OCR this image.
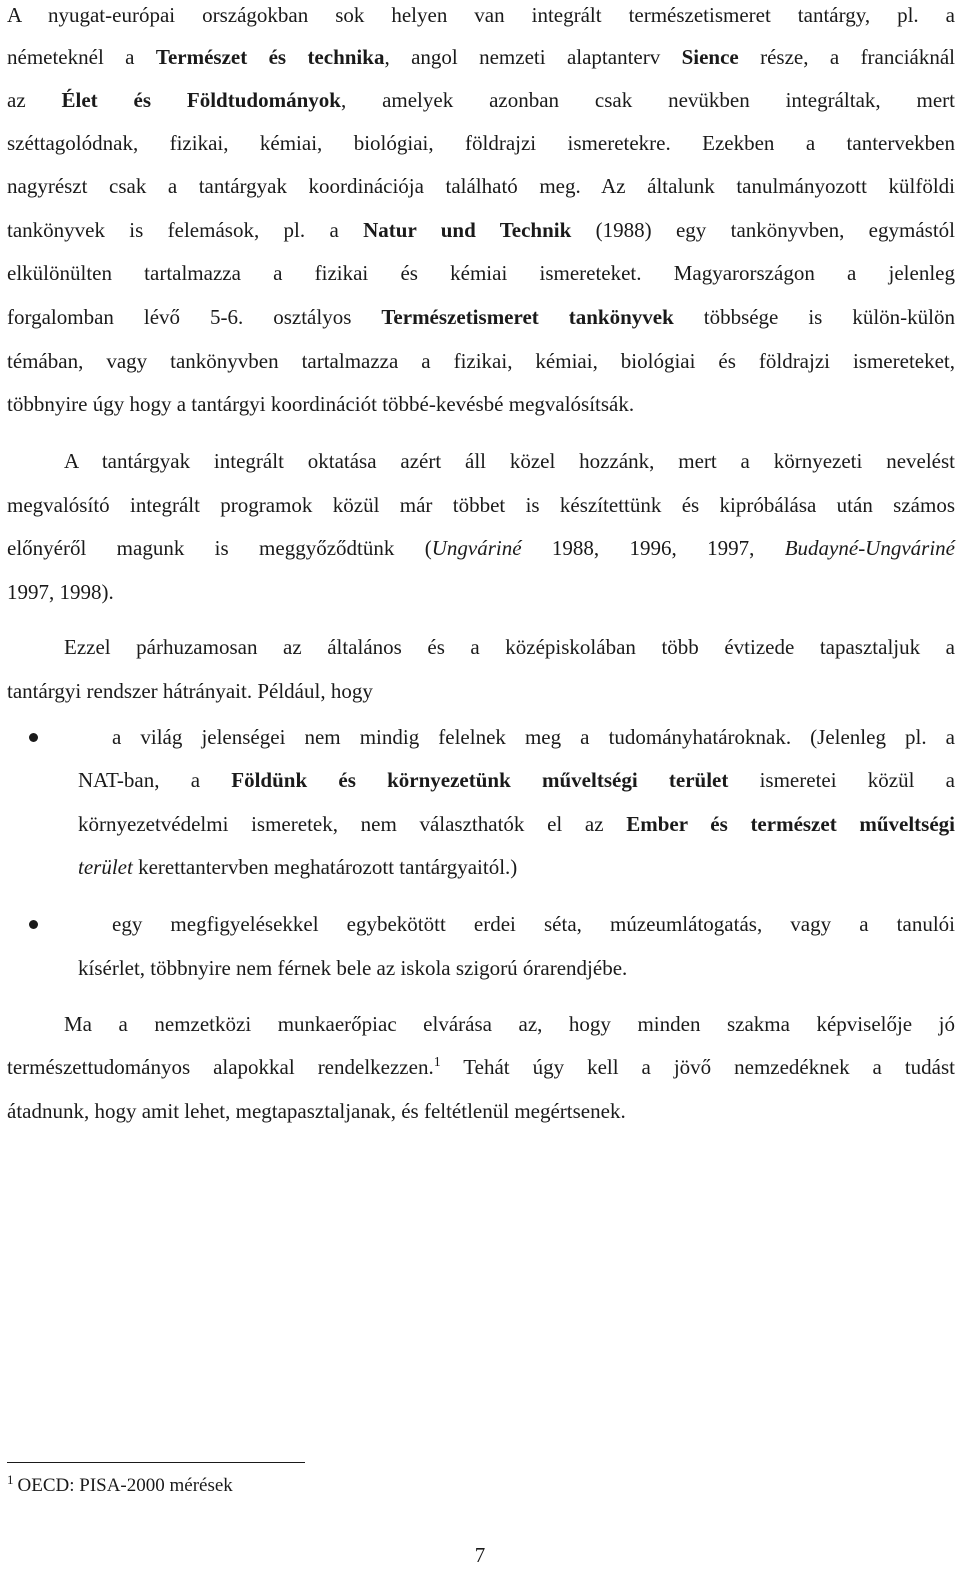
A nyugat-európai országokban sok helyen van integrált természetismeret tantárgy, pl. a
németeknél a Természet és technika, angol nemzeti alaptanterv Sience része, a franciáknál
az Élet és Földtudományok, amelyek azonban csak nevükben integráltak, mert
széttagolódnak, fizikai, kémiai, biológiai, földrajzi ismeretekre. Ezekben a tantervekben
nagyrészt csak a tantárgyak koordinációja található meg. Az általunk tanulmányozott külföldi
tankönyvek is felemások, pl. a Natur und Technik (1988) egy tankönyvben, egymástól
elkülönülten tartalmazza a fizikai és kémiai ismereteket. Magyarországon a jelenleg
forgalomban lévő 5-6. osztályos Természetismeret tankönyvek többsége is külön-külön
témában, vagy tankönyvben tartalmazza a fizikai, kémiai, biológiai és földrajzi ismereteket,
többnyire úgy hogy a tantárgyi koordinációt többé-kevésbé megvalósítsák.
A tantárgyak integrált oktatása azért áll közel hozzánk, mert a környezeti nevelést
megvalósító integrált programok közül már többet is készítettünk és kipróbálása után számos
előnyéről magunk is meggyőződtünk (Ungváriné 1988, 1996, 1997, Budayné-Ungváriné
1997, 1998).
Ezzel párhuzamosan az általános és a középiskolában több évtizede tapasztaljuk a
tantárgyi rendszer hátrányait. Például, hogy
a világ jelenségei nem mindig felelnek meg a tudományhatároknak. (Jelenleg pl. a
NAT-ban, a Földünk és környezetünk műveltségi terület ismeretei közül a
környezetvédelmi ismeretek, nem választhatók el az Ember és természet műveltségi
terület kerettantervben meghatározott tantárgyaitól.)
egy megfigyelésekkel egybekötött erdei séta, múzeumlátogatás, vagy a tanulói
kísérlet, többnyire nem férnek bele az iskola szigorú órarendjébe.
Ma a nemzetközi munkaerőpiac elvárása az, hogy minden szakma képviselője jó
természettudományos alapokkal rendelkezzen.$^1$ Tehát úgy kell a jövő nemzedéknek a tudást
átadnunk, hogy amit lehet, megtapasztaljanak, és feltétlenül megértsenek.
$^1$ OECD: PISA-2000 mérések
7
